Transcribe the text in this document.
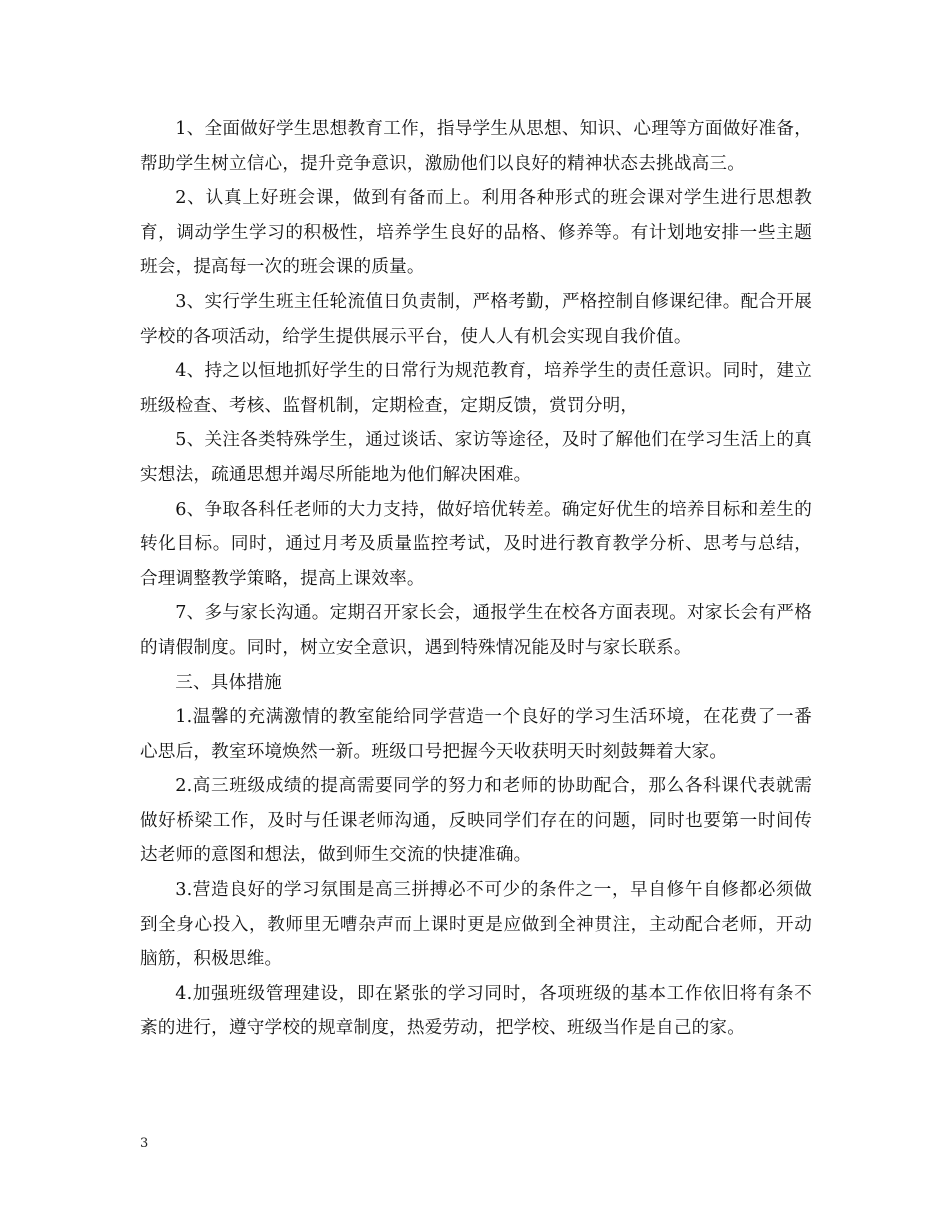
1、全面做好学生思想教育工作，指导学生从思想、知识、心理等方面做好准备，帮助学生树立信心，提升竞争意识，激励他们以良好的精神状态去挑战高三。

2、认真上好班会课，做到有备而上。利用各种形式的班会课对学生进行思想教育，调动学生学习的积极性，培养学生良好的品格、修养等。有计划地安排一些主题班会，提高每一次的班会课的质量。

3、实行学生班主任轮流值日负责制，严格考勤，严格控制自修课纪律。配合开展学校的各项活动，给学生提供展示平台，使人人有机会实现自我价值。

4、持之以恒地抓好学生的日常行为规范教育，培养学生的责任意识。同时，建立班级检查、考核、监督机制，定期检查，定期反馈，赏罚分明，

5、关注各类特殊学生，通过谈话、家访等途径，及时了解他们在学习生活上的真实想法，疏通思想并竭尽所能地为他们解决困难。

6、争取各科任老师的大力支持，做好培优转差。确定好优生的培养目标和差生的转化目标。同时，通过月考及质量监控考试，及时进行教育教学分析、思考与总结，合理调整教学策略，提高上课效率。

7、多与家长沟通。定期召开家长会，通报学生在校各方面表现。对家长会有严格的请假制度。同时，树立安全意识，遇到特殊情况能及时与家长联系。

三、具体措施

1.温馨的充满激情的教室能给同学营造一个良好的学习生活环境，在花费了一番心思后，教室环境焕然一新。班级口号把握今天收获明天时刻鼓舞着大家。

2.高三班级成绩的提高需要同学的努力和老师的协助配合，那么各科课代表就需做好桥梁工作，及时与任课老师沟通，反映同学们存在的问题，同时也要第一时间传达老师的意图和想法，做到师生交流的快捷准确。

3.营造良好的学习氛围是高三拼搏必不可少的条件之一，早自修午自修都必须做到全身心投入，教师里无嘈杂声而上课时更是应做到全神贯注，主动配合老师，开动脑筋，积极思维。

4.加强班级管理建设，即在紧张的学习同时，各项班级的基本工作依旧将有条不紊的进行，遵守学校的规章制度，热爱劳动，把学校、班级当作是自己的家。

3
